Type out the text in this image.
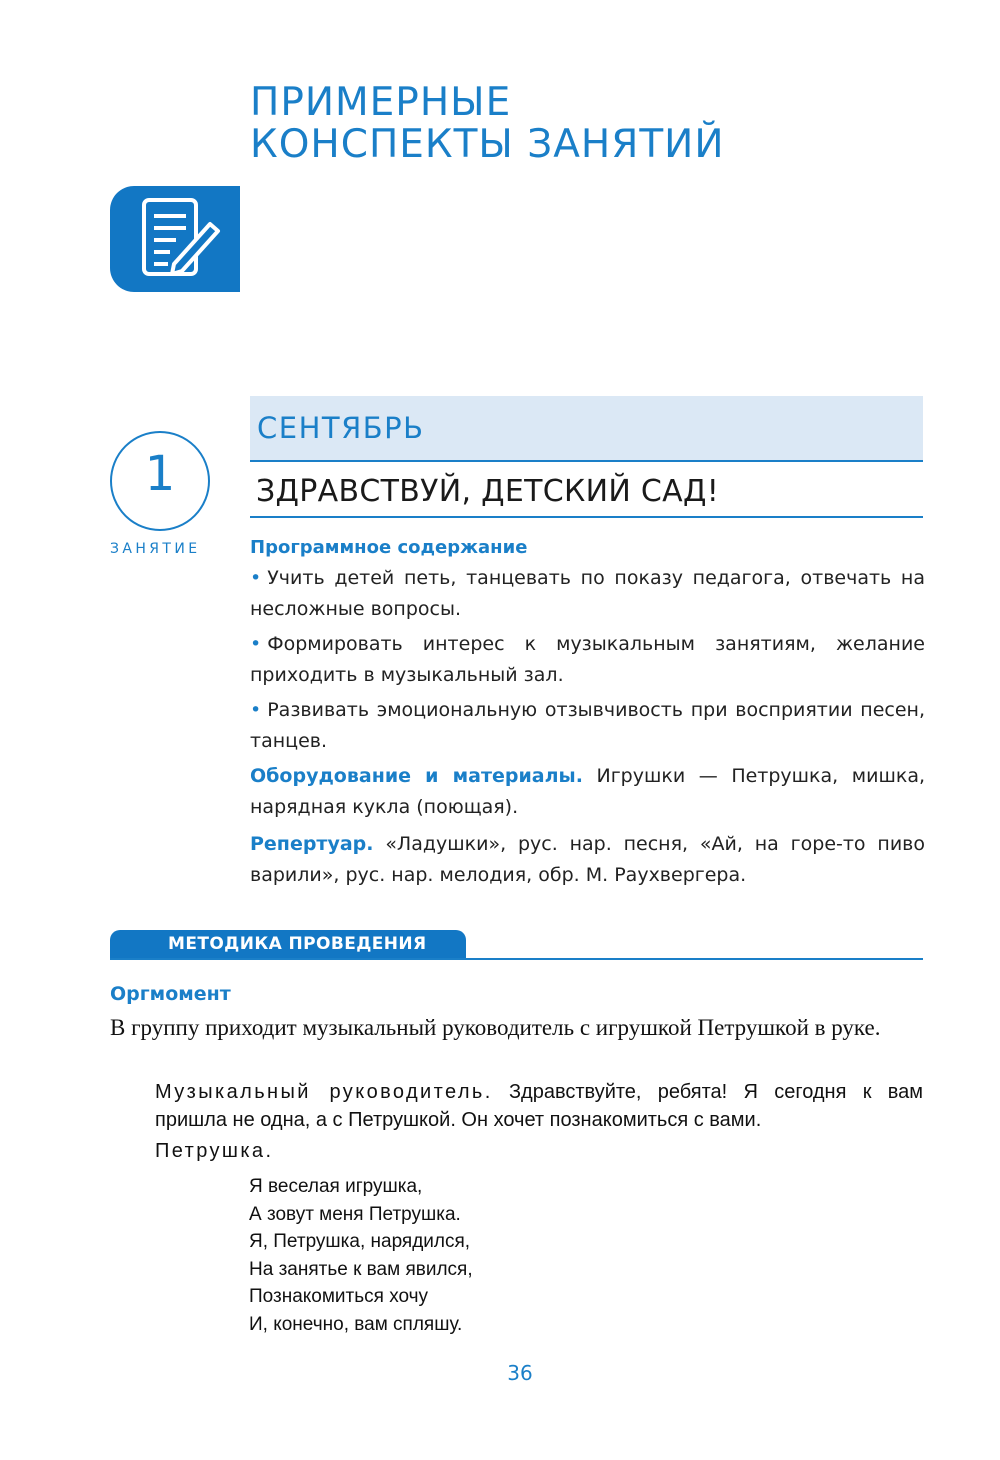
ПРИМЕРНЫЕ
КОНСПЕКТЫ ЗАНЯТИЙ
СЕНТЯБРЬ
ЗДРАВСТВУЙ, ДЕТСКИЙ САД!
1
ЗАНЯТИЕ	Программное содержание

• Учить детей петь, танцевать по показу педагога, отвечать на несложные вопросы.

• Формировать интерес к музыкальным занятиям, желание приходить в музыкальный зал.

• Развивать эмоциональную отзывчивость при восприятии песен, танцев.

Оборудование и материалы. Игрушки — Петрушка, мишка, нарядная кукла (поющая).

Репертуар. «Ладушки», рус. нар. песня, «Ай, на горе-то пиво варили», рус. нар. мелодия, обр. М. Раухвергера.

МЕТОДИКА ПРОВЕДЕНИЯ
Оргмомент
В группу приходит музыкальный руководитель с игрушкой Петрушкой в руке.
Музыкальный руководитель. Здравствуйте, ребята! Я сегодня к вам пришла не одна, а с Петрушкой. Он хочет познакомиться с вами.
Петрушка.
Я веселая игрушка,
А зовут меня Петрушка.
Я, Петрушка, нарядился,
На занятье к вам явился,
Познакомиться хочу
И, конечно, вам спляшу.
36
